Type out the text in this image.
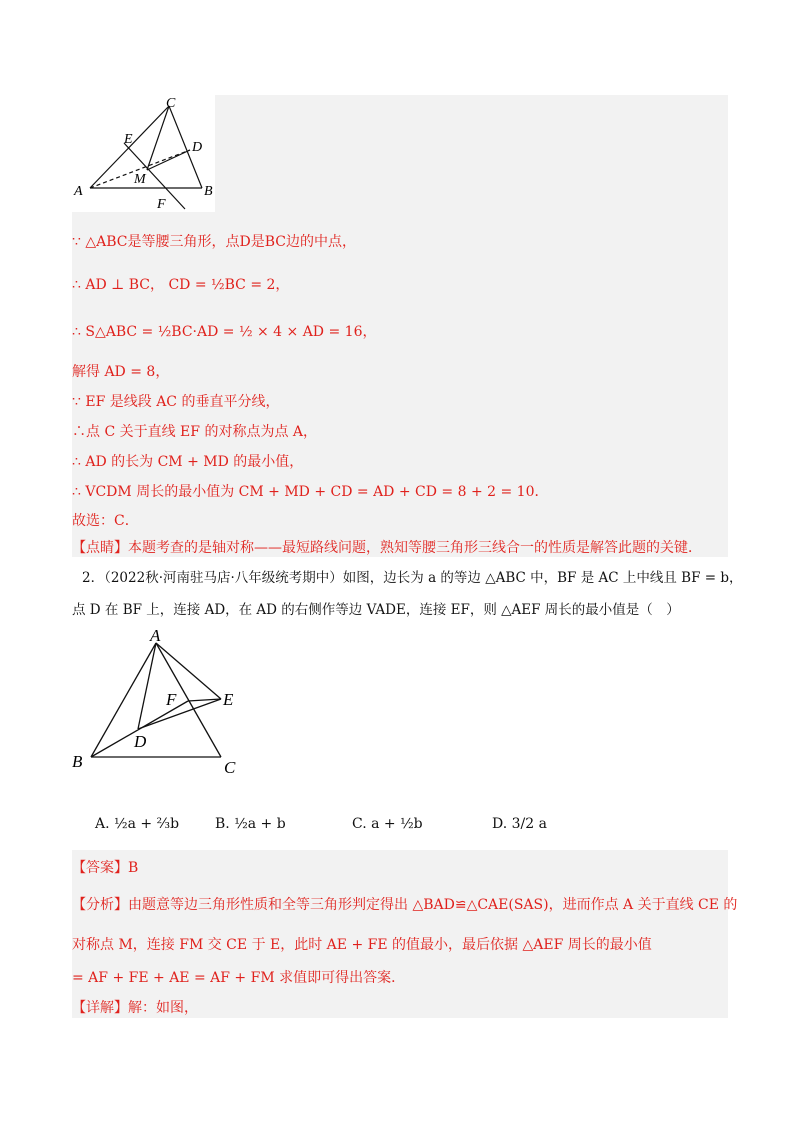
C
E
D
M
A	B
F
∵ △ABC是等腰三角形，点D是BC边的中点，
∴ AD ⊥ BC， CD = ½BC = 2，
∴ S△ABC = ½BC·AD = ½ × 4 × AD = 16，
解得 AD = 8，
∵ EF 是线段 AC 的垂直平分线，
∴点 C 关于直线 EF 的对称点为点 A，
∴ AD 的长为 CM + MD 的最小值，
∴ VCDM 周长的最小值为 CM + MD + CD = AD + CD = 8 + 2 = 10．
故选：C．
【点睛】本题考查的是轴对称——最短路线问题，熟知等腰三角形三线合一的性质是解答此题的关键．
2．（2022秋·河南驻马店·八年级统考期中）如图，边长为 a 的等边 △ABC 中，BF 是 AC 上中线且 BF = b，
点 D 在 BF 上，连接 AD，在 AD 的右侧作等边 VADE，连接 EF，则 △AEF 周长的最小值是（　）
A
F	E
D
B	C
A. ½a + ⅔b	B. ½a + b	C. a + ½b	D. 3/2 a
【答案】B
【分析】由题意等边三角形性质和全等三角形判定得出 △BAD≌△CAE(SAS)，进而作点 A 关于直线 CE 的
对称点 M，连接 FM 交 CE 于 E，此时 AE + FE 的值最小，最后依据 △AEF 周长的最小值
= AF + FE + AE = AF + FM 求值即可得出答案．
【详解】解：如图，
